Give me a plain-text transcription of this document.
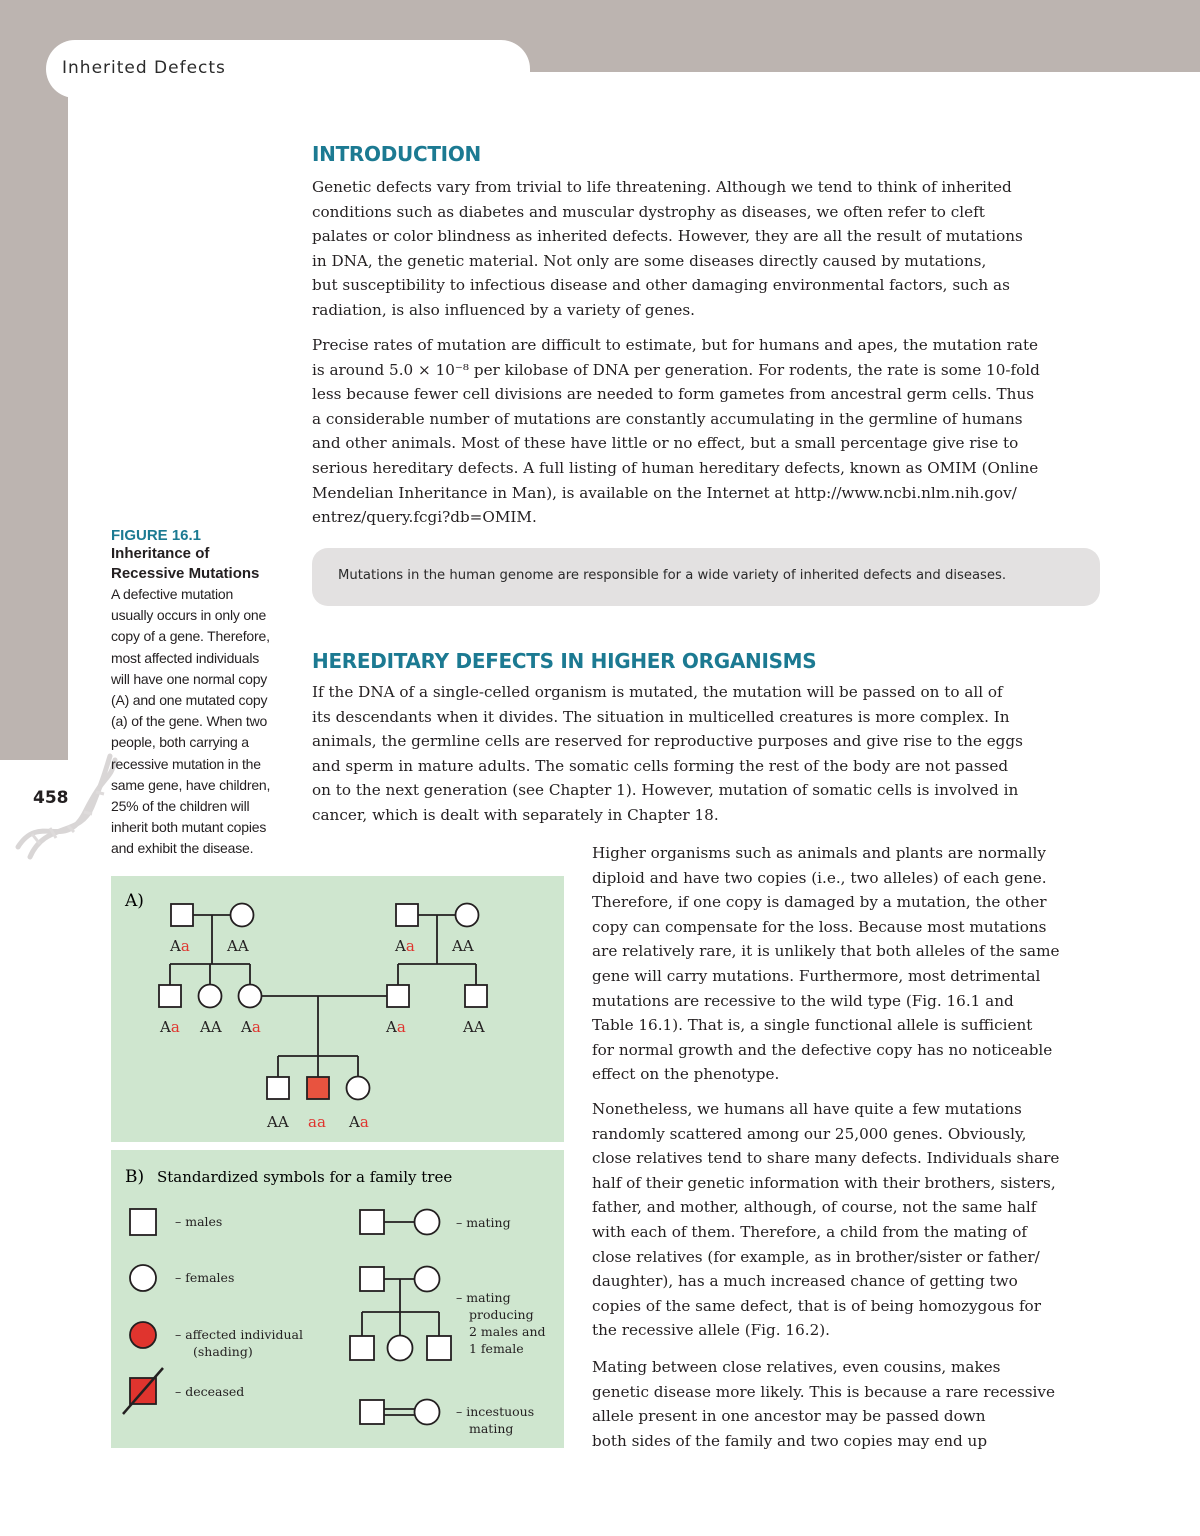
Inherited Defects
458
INTRODUCTION
Genetic defects vary from trivial to life threatening. Although we tend to think of inherited
conditions such as diabetes and muscular dystrophy as diseases, we often refer to cleft
palates or color blindness as inherited defects. However, they are all the result of mutations
in DNA, the genetic material. Not only are some diseases directly caused by mutations,
but susceptibility to infectious disease and other damaging environmental factors, such as
radiation, is also influenced by a variety of genes.
Precise rates of mutation are difficult to estimate, but for humans and apes, the mutation rate
is around 5.0 × 10⁻⁸ per kilobase of DNA per generation. For rodents, the rate is some 10-fold
less because fewer cell divisions are needed to form gametes from ancestral germ cells. Thus
a considerable number of mutations are constantly accumulating in the germline of humans
and other animals. Most of these have little or no effect, but a small percentage give rise to
serious hereditary defects. A full listing of human hereditary defects, known as OMIM (Online
Mendelian Inheritance in Man), is available on the Internet at http://www.ncbi.nlm.nih.gov/
entrez/query.fcgi?db=OMIM.
Mutations in the human genome are responsible for a wide variety of inherited defects and diseases.
HEREDITARY DEFECTS IN HIGHER ORGANISMS
If the DNA of a single-celled organism is mutated, the mutation will be passed on to all of
its descendants when it divides. The situation in multicelled creatures is more complex. In
animals, the germline cells are reserved for reproductive purposes and give rise to the eggs
and sperm in mature adults. The somatic cells forming the rest of the body are not passed
on to the next generation (see Chapter 1). However, mutation of somatic cells is involved in
cancer, which is dealt with separately in Chapter 18.
Higher organisms such as animals and plants are normally
diploid and have two copies (i.e., two alleles) of each gene.
Therefore, if one copy is damaged by a mutation, the other
copy can compensate for the loss. Because most mutations
are relatively rare, it is unlikely that both alleles of the same
gene will carry mutations. Furthermore, most detrimental
mutations are recessive to the wild type (Fig. 16.1 and
Table 16.1). That is, a single functional allele is sufficient
for normal growth and the defective copy has no noticeable
effect on the phenotype.
Nonetheless, we humans all have quite a few mutations
randomly scattered among our 25,000 genes. Obviously,
close relatives tend to share many defects. Individuals share
half of their genetic information with their brothers, sisters,
father, and mother, although, of course, not the same half
with each of them. Therefore, a child from the mating of
close relatives (for example, as in brother/sister or father/
daughter), has a much increased chance of getting two
copies of the same defect, that is of being homozygous for
the recessive allele (Fig. 16.2).
Mating between close relatives, even cousins, makes
genetic disease more likely. This is because a rare recessive
allele present in one ancestor may be passed down
both sides of the family and two copies may end up
FIGURE 16.1
Inheritance of
Recessive Mutations
A defective mutation
usually occurs in only one
copy of a gene. Therefore,
most affected individuals
will have one normal copy
(A) and one mutated copy
(a) of the gene. When two
people, both carrying a
recessive mutation in the
same gene, have children,
25% of the children will
inherit both mutant copies
and exhibit the disease.
A)
Aa AA	Aa AA
Aa AA Aa	Aa	AA
AA aa Aa
B) Standardized symbols for a family tree
– males
– females
– affected individual
(shading)
– deceased
– mating
– mating
producing
2 males and
1 female
– incestuous
mating
